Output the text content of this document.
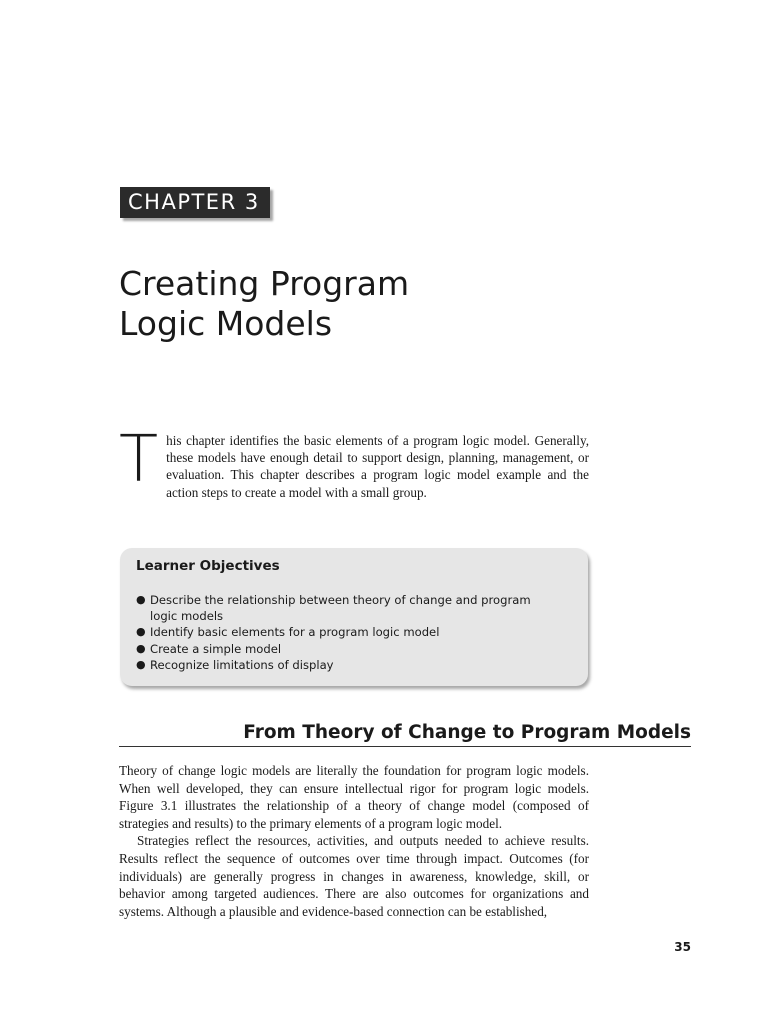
CHAPTER 3
Creating Program
Logic Models

This chapter identifies the basic elements of a program logic model. Generally, these models have enough detail to support design, planning, management, or evaluation. This chapter describes a program logic model example and the action steps to create a model with a small group.

Learner Objectives
● Describe the relationship between theory of change and program logic models
● Identify basic elements for a program logic model
● Create a simple model
● Recognize limitations of display
From Theory of Change to Program Models

Theory of change logic models are literally the foundation for program logic models. When well developed, they can ensure intellectual rigor for program logic models. Figure 3.1 illustrates the relationship of a theory of change model (composed of strategies and results) to the primary elements of a program logic model.

Strategies reflect the resources, activities, and outputs needed to achieve results. Results reflect the sequence of outcomes over time through impact. Outcomes (for individuals) are generally progress in changes in awareness, knowledge, skill, or behavior among targeted audiences. There are also outcomes for organizations and systems. Although a plausible and evidence-based connection can be established,

35
